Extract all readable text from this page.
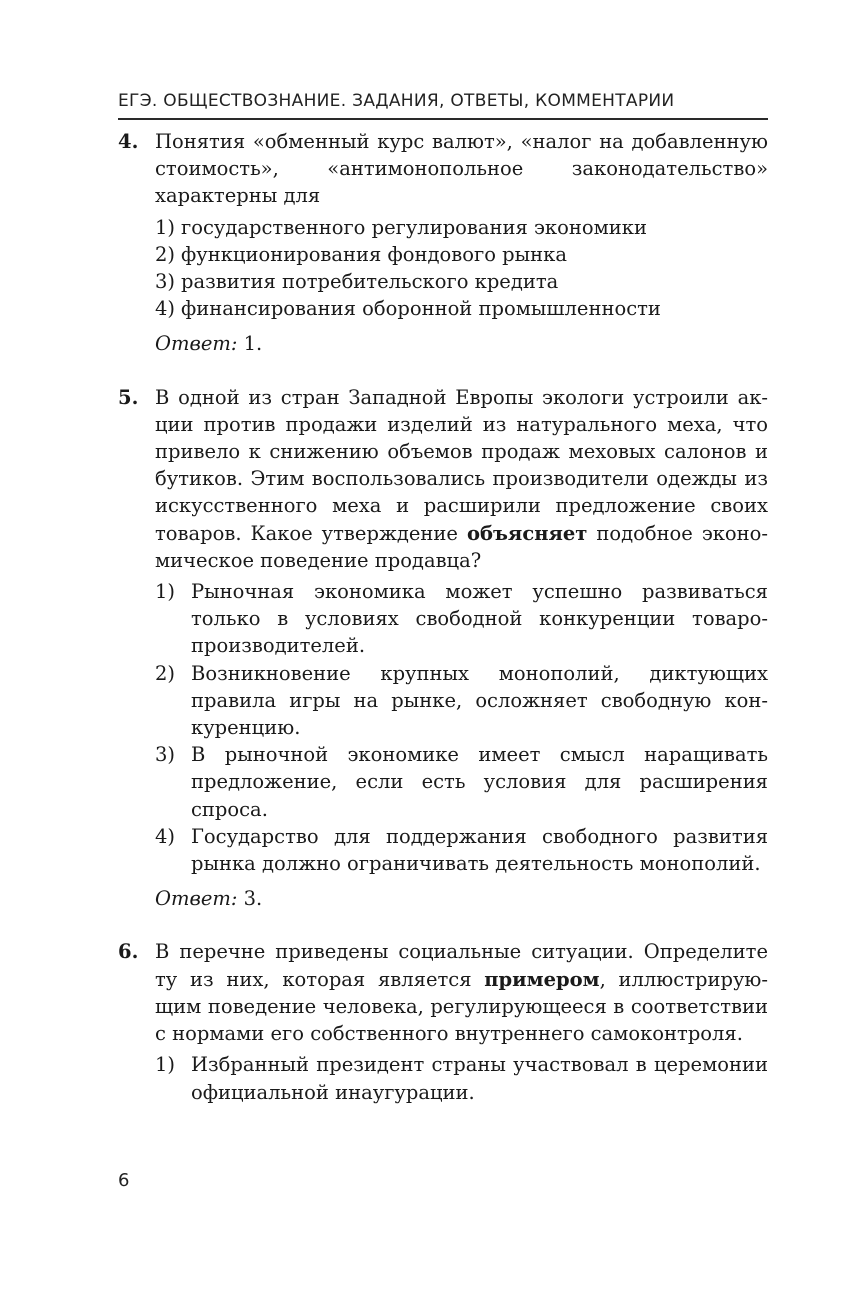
ЕГЭ. ОБЩЕСТВОЗНАНИЕ. ЗАДАНИЯ, ОТВЕТЫ, КОММЕНТАРИИ
4. Понятия «обменный курс валют», «налог на добавленную стоимость», «антимонопольное законодательство» характерны для
1) государственного регулирования экономики
2) функционирования фондового рынка
3) развития потребительского кредита
4) финансирования оборонной промышленности
Ответ: 1.
5. В одной из стран Западной Европы экологи устроили акции против продажи изделий из натурального меха, что привело к снижению объемов продаж меховых салонов и бутиков. Этим воспользовались производители одежды из искусственного меха и расширили предложение своих товаров. Какое утверждение объясняет подобное экономическое поведение продавца?
1) Рыночная экономика может успешно развиваться только в условиях свободной конкуренции товаропроизводителей.
2) Возникновение крупных монополий, диктующих правила игры на рынке, осложняет свободную конкуренцию.
3) В рыночной экономике имеет смысл наращивать предложение, если есть условия для расширения спроса.
4) Государство для поддержания свободного развития рынка должно ограничивать деятельность монополий.
Ответ: 3.
6. В перечне приведены социальные ситуации. Определите ту из них, которая является примером, иллюстрирующим поведение человека, регулирующееся в соответствии с нормами его собственного внутреннего самоконтроля.
1) Избранный президент страны участвовал в церемонии официальной инаугурации.
6
